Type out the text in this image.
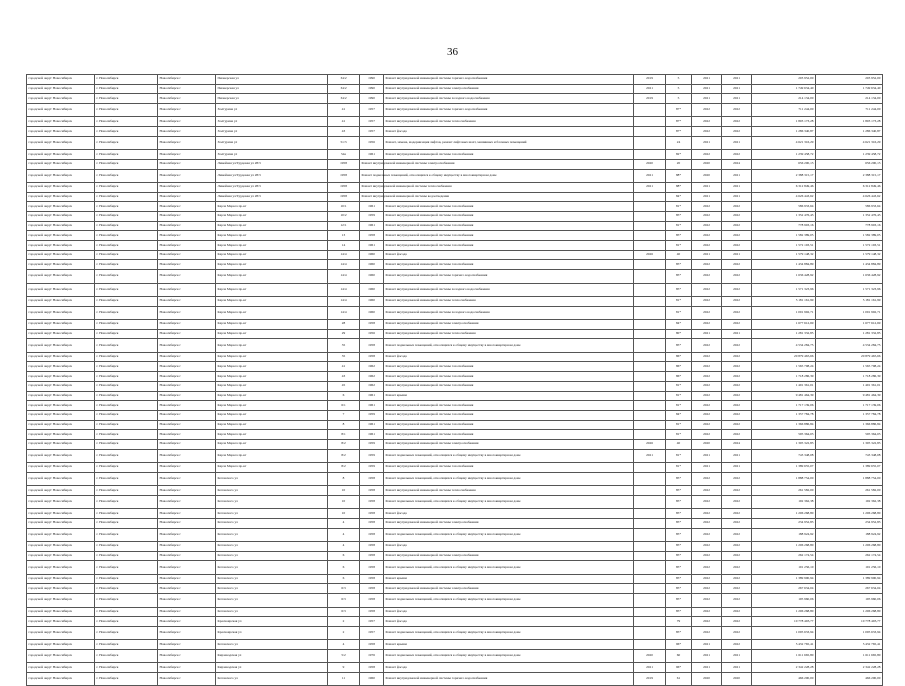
36
городской округ Новосибирск	г. Новосибирск	Новосибирск г	Пионерская ул	34/2	1990	Ремонт внутридомовой инженерной системы горячего водоснабжения	2019	5	2021	2021	203 952,00	203 952,00
городской округ Новосибирск	г. Новосибирск	Новосибирск г	Пионерская ул	34/2	1990	Ремонт внутридомовой инженерной системы электроснабжения	2021	5	2021	2021	1 749 634,40	1 749 634,40
городской округ Новосибирск	г. Новосибирск	Новосибирск г	Пионерская ул	34/2	1990	Ремонт внутридомовой инженерной системы холодного водоснабжения	2019	5	2021	2021	214 134,00	214 134,00
городской округ Новосибирск	г. Новосибирск	Новосибирск г	Халтурина ул	41	1957	Ремонт внутридомовой инженерной системы горячего водоснабжения		87*	2022	2022	711 244,00	711 244,00
городской округ Новосибирск	г. Новосибирск	Новосибирск г	Халтурина ул	41	1957	Ремонт внутридомовой инженерной системы теплоснабжения		87*	2022	2022	1 803 173,28	1 803 173,28
городской округ Новосибирск	г. Новосибирск	Новосибирск г	Халтурина ул	43	1957	Ремонт фасада		87*	2022	2022	1 286 340,87	1 286 340,87
городской округ Новосибирск	г. Новосибирск	Новосибирск г	Халтурина ул	51/3	1956	Ремонт, замена, модернизация лифтов, ремонт лифтовых шахт, машинных и блочных помещений		24	2021	2021	4 621 316,29	4 621 316,29
городской округ Новосибирск	г. Новосибирск	Новосибирск г	Халтурина ул	54а	1961	Ремонт внутридомовой инженерной системы газоснабжения		82*	2022	2022	1 239 458,72	1 239 458,72
городской округ Новосибирск	г. Новосибирск	Новосибирск г	Линейная ул/Трудовая ул 28/3	1958	Ремонт внутридомовой инженерной системы электроснабжения		2020	20	2020	2024	656 200,13	656 200,13
городской округ Новосибирск	г. Новосибирск	Новосибирск г	Линейная ул/Трудовая ул 28/3	1958	Ремонт подвальных помещений, относящихся к общему имуществу в многоквартирном доме		2021	88*	2020	2021	2 388 315,17	2 388 315,17
городской округ Новосибирск	г. Новосибирск	Новосибирск г	Линейная ул/Трудовая ул 28/3	1958	Ремонт внутридомовой инженерной системы теплоснабжения		2021	88*	2021	2021	6 312 849,46	6 312 849,46
городской округ Новосибирск	г. Новосибирск	Новосибирск г	Линейная ул/Трудовая ул 28/3	1958	Ремонт внутридомовой инженерной системы водоотведения			84*	2021	2021	4 626 443,62	4 626 443,62
городской округ Новосибирск	г. Новосибирск	Новосибирск г	Карла Маркса пр-кт	10/1	1961	Ремонт внутридомовой инженерной системы газоснабжения		81*	2022	2022	586 933,64	586 933,64
городской округ Новосибирск	г. Новосибирск	Новосибирск г	Карла Маркса пр-кт	10/2	1959	Ремонт внутридомовой инженерной системы газоснабжения		85*	2022	2022	1 352 476,43	1 352 476,43
городской округ Новосибирск	г. Новосибирск	Новосибирск г	Карла Маркса пр-кт	12/1	1961	Ремонт внутридомовой инженерной системы газоснабжения		81*	2022	2022	778 903,16	778 903,16
городской округ Новосибирск	г. Новосибирск	Новосибирск г	Карла Маркса пр-кт	13	1958	Ремонт внутридомовой инженерной системы газоснабжения		85*	2022	2022	1 582 389,05	1 582 389,05
городской округ Новосибирск	г. Новосибирск	Новосибирск г	Карла Маркса пр-кт	14	1961	Ремонт внутридомовой инженерной системы газоснабжения		81*	2022	2022	1 572 193,51	1 572 193,51
городской округ Новосибирск	г. Новосибирск	Новосибирск г	Карла Маркса пр-кт	14/4	1960	Ремонт фасада	2026	40	2021	2021	1 579 148,32	1 579 148,32
городской округ Новосибирск	г. Новосибирск	Новосибирск г	Карла Маркса пр-кт	14/4	1960	Ремонт внутридомовой инженерной системы газоснабжения		85*	2022	2022	1 434 884,89	1 434 884,89
городской округ Новосибирск	г. Новосибирск	Новосибирск г	Карла Маркса пр-кт	14/4	1960	Ремонт внутридомовой инженерной системы горячего водоснабжения		85*	2022	2022	1 636 428,92	1 636 428,92
городской округ Новосибирск	г. Новосибирск	Новосибирск г	Карла Маркса пр-кт	14/4	1960	Ремонт внутридомовой инженерной системы холодного водоснабжения		85*	2022	2022	1 571 323,96	1 571 323,96
городской округ Новосибирск	г. Новосибирск	Новосибирск г	Карла Маркса пр-кт	14/4	1960	Ремонт внутридомовой инженерной системы теплоснабжения		81*	2022	2022	5 181 161,99	5 181 161,99
городской округ Новосибирск	г. Новосибирск	Новосибирск г	Карла Маркса пр-кт	14/4	1960	Ремонт внутридомовой инженерной системы холодного водоснабжения		81*	2022	2022	1 091 992,71	1 091 992,71
городской округ Новосибирск	г. Новосибирск	Новосибирск г	Карла Маркса пр-кт	28	1958	Ремонт внутридомовой инженерной системы электроснабжения		84*	2022	2022	1 677 612,69	1 677 612,69
городской округ Новосибирск	г. Новосибирск	Новосибирск г	Карла Маркса пр-кт	29	1956	Ремонт внутридомовой инженерной системы теплоснабжения		80*	2021	2021	1 281 332,85	1 281 332,85
городской округ Новосибирск	г. Новосибирск	Новосибирск г	Карла Маркса пр-кт	35	1958	Ремонт подвальных помещений, относящихся к общему имуществу в многоквартирном доме		85*	2022	2022	4 534 284,75	4 534 284,75
городской округ Новосибирск	г. Новосибирск	Новосибирск г	Карла Маркса пр-кт	35	1958	Ремонт фасада		86*	2022	2022	20 879 465,66	20 879 465,66
городской округ Новосибирск	г. Новосибирск	Новосибирск г	Карла Маркса пр-кт	41	1962	Ремонт внутридомовой инженерной системы газоснабжения		86*	2022	2022	1 565 798,24	1 565 798,24
городской округ Новосибирск	г. Новосибирск	Новосибирск г	Карла Маркса пр-кт	43	1962	Ремонт внутридомовой инженерной системы газоснабжения		86*	2022	2022	1 718 286,39	1 718 286,39
городской округ Новосибирск	г. Новосибирск	Новосибирск г	Карла Маркса пр-кт	45	1962	Ремонт внутридомовой инженерной системы газоснабжения		81*	2022	2022	1 491 361,01	1 491 361,01
городской округ Новосибирск	г. Новосибирск	Новосибирск г	Карла Маркса пр-кт	6	1961	Ремонт крыши		81*	2022	2022	9 481 464,39	9 481 464,39
городской округ Новосибирск	г. Новосибирск	Новосибирск г	Карла Маркса пр-кт	6/1	1961	Ремонт внутридомовой инженерной системы газоснабжения		81*	2022	2022	1 717 139,06	1 717 139,06
городской округ Новосибирск	г. Новосибирск	Новосибирск г	Карла Маркса пр-кт	7	1959	Ремонт внутридомовой инженерной системы газоснабжения		84*	2022	2022	1 357 784,78	1 357 784,78
городской округ Новосибирск	г. Новосибирск	Новосибирск г	Карла Маркса пр-кт	8	1961	Ремонт внутридомовой инженерной системы газоснабжения		81*	2022	2022	1 366 886,84	1 366 886,84
городской округ Новосибирск	г. Новосибирск	Новосибирск г	Карла Маркса пр-кт	8/1	1961	Ремонт внутридомовой инженерной системы газоснабжения		81*	2022	2022	595 364,03	595 364,03
городской округ Новосибирск	г. Новосибирск	Новосибирск г	Карла Маркса пр-кт	8/2	1959	Ремонт внутридомовой инженерной системы электроснабжения	2026	40	2020	2024	1 305 322,83	1 305 322,83
городской округ Новосибирск	г. Новосибирск	Новосибирск г	Карла Маркса пр-кт	8/2	1959	Ремонт подвальных помещений, относящихся к общему имуществу в многоквартирном доме	2021	81*	2021	2021	743 348,08	743 348,08
городской округ Новосибирск	г. Новосибирск	Новосибирск г	Карла Маркса пр-кт	8/2	1959	Ремонт внутридомовой инженерной системы газоснабжения		81*	2021	2021	1 389 655,07	1 389 655,07
городской округ Новосибирск	г. Новосибирск	Новосибирск г	Котовского ул	8	1958	Ремонт подвальных помещений, относящихся к общему имуществу в многоквартирном доме		85*	2022	2022	1 888 754,00	1 888 754,00
городской округ Новосибирск	г. Новосибирск	Новосибирск г	Котовского ул	10	1958	Ремонт внутридомовой инженерной системы теплоснабжения		85*	2022	2022	261 582,00	261 582,00
городской округ Новосибирск	г. Новосибирск	Новосибирск г	Котовского ул	10	1958	Ремонт подвальных помещений, относящихся к общему имуществу в многоквартирном доме		85*	2022	2022	192 362,38	192 362,38
городской округ Новосибирск	г. Новосибирск	Новосибирск г	Котовского ул	10	1958	Ремонт фасада		85*	2022	2022	1 206 268,80	1 206 268,80
городской округ Новосибирск	г. Новосибирск	Новосибирск г	Котовского ул	4	1958	Ремонт внутридомовой инженерной системы электроснабжения		85*	2022	2022	234 952,83	234 952,83
городской округ Новосибирск	г. Новосибирск	Новосибирск г	Котовского ул	4	1958	Ремонт подвальных помещений, относящихся к общему имуществу в многоквартирном доме		85*	2022	2022	188 924,92	188 924,92
городской округ Новосибирск	г. Новосибирск	Новосибирск г	Котовского ул	4	1958	Ремонт фасада		85*	2022	2022	1 206 268,80	1 206 268,80
городской округ Новосибирск	г. Новосибирск	Новосибирск г	Котовского ул	6	1958	Ремонт внутридомовой инженерной системы электроснабжения		85*	2022	2022	262 174,54	262 174,54
городской округ Новосибирск	г. Новосибирск	Новосибирск г	Котовского ул	6	1958	Ремонт подвальных помещений, относящихся к общему имуществу в многоквартирном доме		85*	2022	2022	191 256,10	191 256,10
городской округ Новосибирск	г. Новосибирск	Новосибирск г	Котовского ул	6	1958	Ремонт крыши		85*	2022	2022	1 389 990,94	1 389 990,94
городской округ Новосибирск	г. Новосибирск	Новосибирск г	Котовского ул	6/3	1958	Ремонт внутридомовой инженерной системы электроснабжения		85*	2022	2022	267 634,04	267 634,04
городской округ Новосибирск	г. Новосибирск	Новосибирск г	Котовского ул	6/3	1958	Ремонт подвальных помещений, относящихся к общему имуществу в многоквартирном доме		85*	2022	2022	195 960,06	195 960,06
городской округ Новосибирск	г. Новосибирск	Новосибирск г	Котовского ул	6/3	1958	Ремонт фасада		85*	2022	2022	1 206 268,80	1 206 268,80
городской округ Новосибирск	г. Новосибирск	Новосибирск г	Красноярская ул	2	1957	Ремонт фасада		79	2022	2022	10 778 493,77	10 778 493,77
городской округ Новосибирск	г. Новосибирск	Новосибирск г	Красноярская ул	2	1957	Ремонт подвальных помещений, относящихся к общему имуществу в многоквартирном доме		85*	2022	2022	1 095 633,94	1 095 633,94
городской округ Новосибирск	г. Новосибирск	Новосибирск г	Котовского ул	4	1958	Ремонт крыши		96*	2021	2022	5 432 765,41	5 432 765,41
городской округ Новосибирск	г. Новосибирск	Новосибирск г	Кирзаводская ул	5/2	1976	Ремонт подвальных помещений, относящихся к общему имуществу в многоквартирном доме	2020	60	2021	2021	1 611 665,80	1 611 665,80
городской округ Новосибирск	г. Новосибирск	Новосибирск г	Кирзаводская ул	9	1958	Ремонт фасада	2021	96*	2021	2021	2 342 228,28	2 342 228,28
городской округ Новосибирск	г. Новосибирск	Новосибирск г	Котовского ул	11	1960	Ремонт внутридомовой инженерной системы горячего водоснабжения	2019	61	2020	2020	466 200,00	466 200,00
